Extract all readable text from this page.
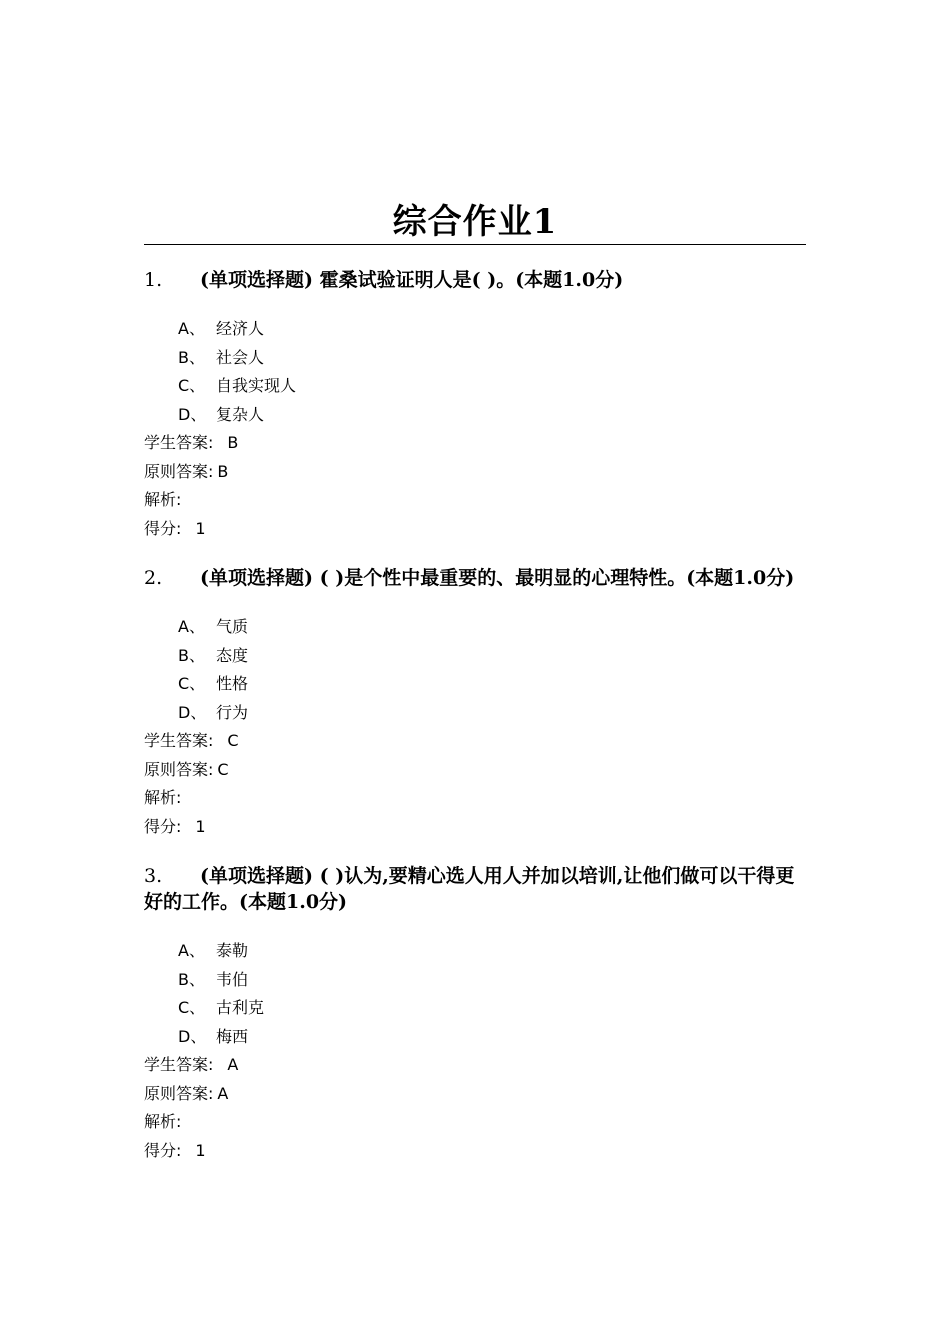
综合作业1

1. (单项选择题) 霍桑试验证明人是( )。(本题1.0分)

A、 经济人
B、 社会人
C、 自我实现人
D、 复杂人
学生答案: B
原则答案: B
解析:
得分: 1

2. (单项选择题) ( )是个性中最重要的、最明显的心理特性。(本题1.0分)

A、 气质
B、 态度
C、 性格
D、 行为
学生答案: C
原则答案: C
解析:
得分: 1

3. (单项选择题) ( )认为,要精心选人用人并加以培训,让他们做可以干得更好的工作。(本题1.0分)

A、 泰勒
B、 韦伯
C、 古利克
D、 梅西
学生答案: A
原则答案: A
解析:
得分: 1
